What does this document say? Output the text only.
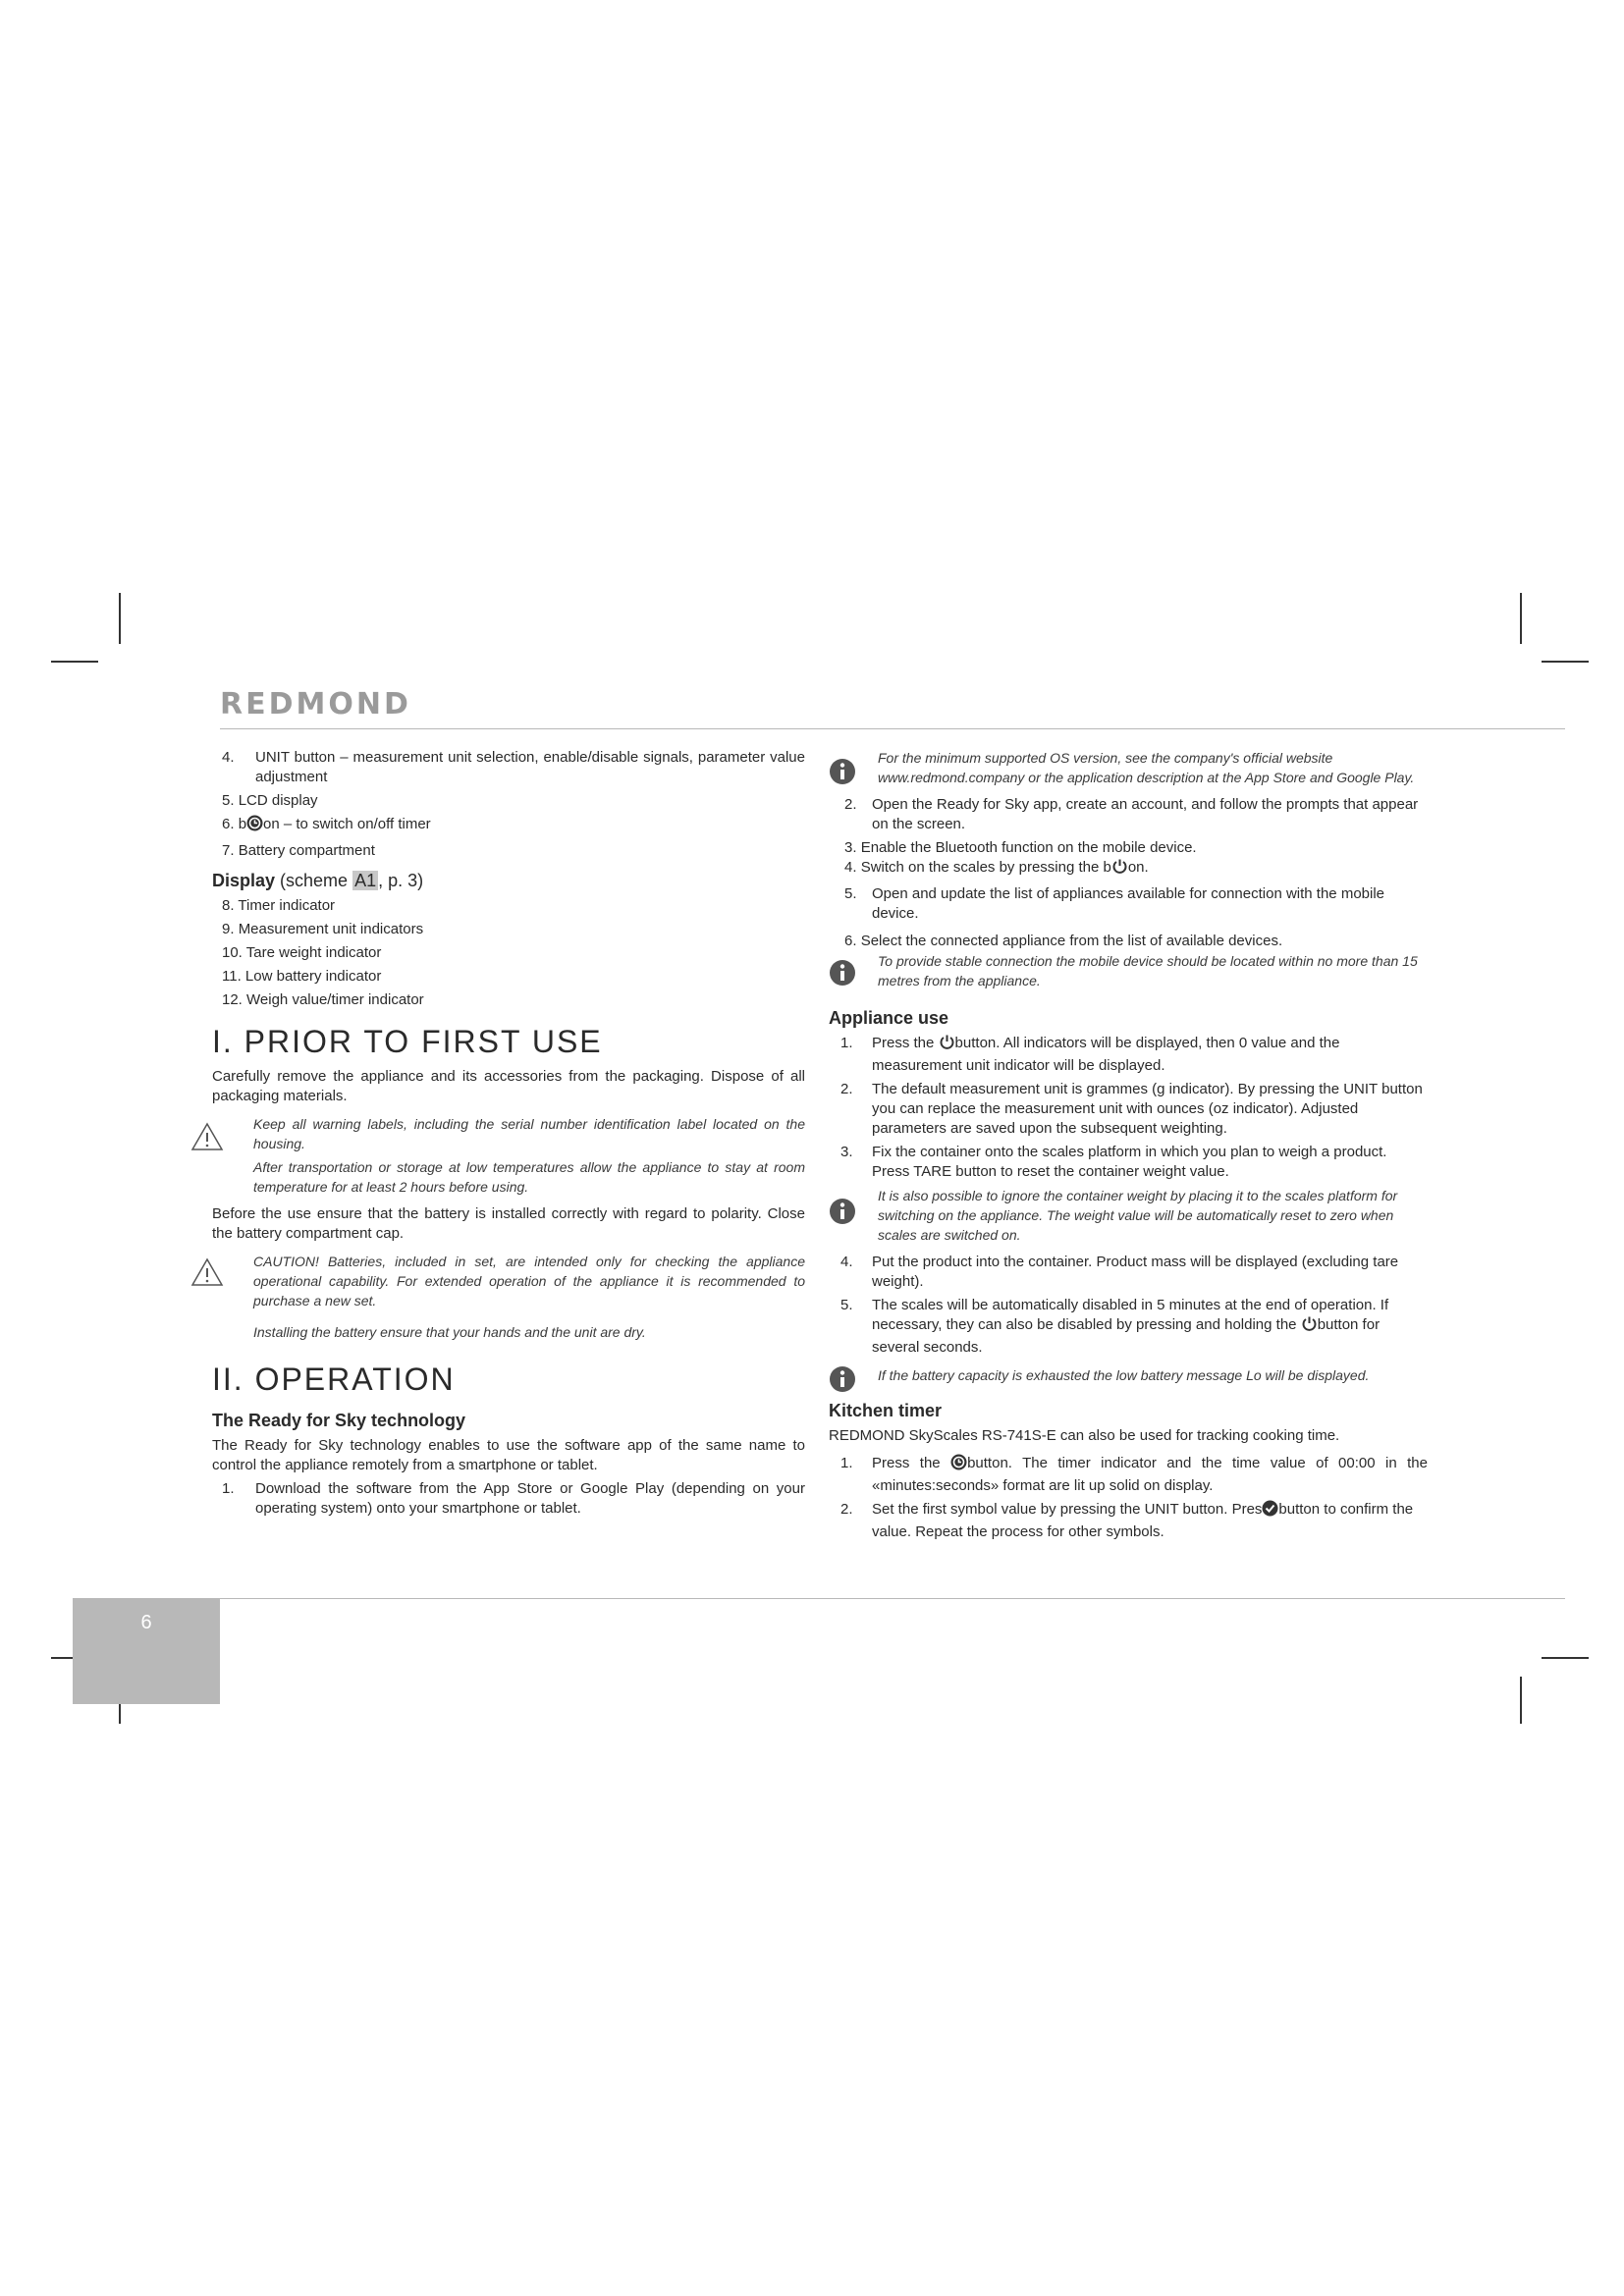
REDMOND
6
4. UNIT button – measurement unit selection, enable/disable signals, parameter value adjustment
5. LCD display
6. b on – to switch on/off timer
7. Battery compartment
Display (scheme A1 , p. 3)
8. Timer indicator
9. Measurement unit indicators
10. Tare weight indicator
11. Low battery indicator
12. Weigh value/timer indicator
I. PRIOR TO FIRST USE
Carefully remove the appliance and its accessories from the packaging. Dispose of all packaging materials.
Keep all warning labels, including the serial number identification label located on the housing.
After transportation or storage at low temperatures allow the appliance to stay at room temperature for at least 2 hours before using.
Before the use ensure that the battery is installed correctly with regard to polarity. Close the battery compartment cap.
CAUTION! Batteries, included in set, are intended only for checking the appliance operational capability. For extended operation of the appliance it is recommended to purchase a new set.
Installing the battery ensure that your hands and the unit are dry.
II. OPERATION
The Ready for Sky technology
The Ready for Sky technology enables to use the software app of the same name to control the appliance remotely from a smartphone or tablet.
1. Download the software from the App Store or Google Play (depending on your operating system) onto your smartphone or tablet.
For the minimum supported OS version, see the company's official website www.redmond.company or the application description at the App Store and Google Play.
2. Open the Ready for Sky app, create an account, and follow the prompts that appear on the screen.
3. Enable the Bluetooth function on the mobile device.
4. Switch on the scales by pressing the b on.
5. Open and update the list of appliances available for connection with the mobile device.
6. Select the connected appliance from the list of available devices.
To provide stable connection the mobile device should be located within no more than 15 metres from the appliance.
Appliance use
1. Press the button. All indicators will be displayed, then 0 value and the measurement unit indicator will be displayed.
2. The default measurement unit is grammes (g indicator). By pressing the UNIT button you can replace the measurement unit with ounces (oz indicator). Adjusted parameters are saved upon the subsequent weighting.
3. Fix the container onto the scales platform in which you plan to weigh a product. Press TARE button to reset the container weight value.
It is also possible to ignore the container weight by placing it to the scales platform for switching on the appliance. The weight value will be automatically reset to zero when scales are switched on.
4. Put the product into the container. Product mass will be displayed (excluding tare weight).
5. The scales will be automatically disabled in 5 minutes at the end of operation. If necessary, they can also be disabled by pressing and holding the button for several seconds.
If the battery capacity is exhausted the low battery message Lo will be displayed.
Kitchen timer
REDMOND SkyScales RS-741S-E can also be used for tracking cooking time.
1. Press the button. The timer indicator and the time value of 00:00 in the «minutes:seconds» format are lit up solid on display.
2. Set the first symbol value by pressing the UNIT button. Pres button to confirm the value. Repeat the process for other symbols.
